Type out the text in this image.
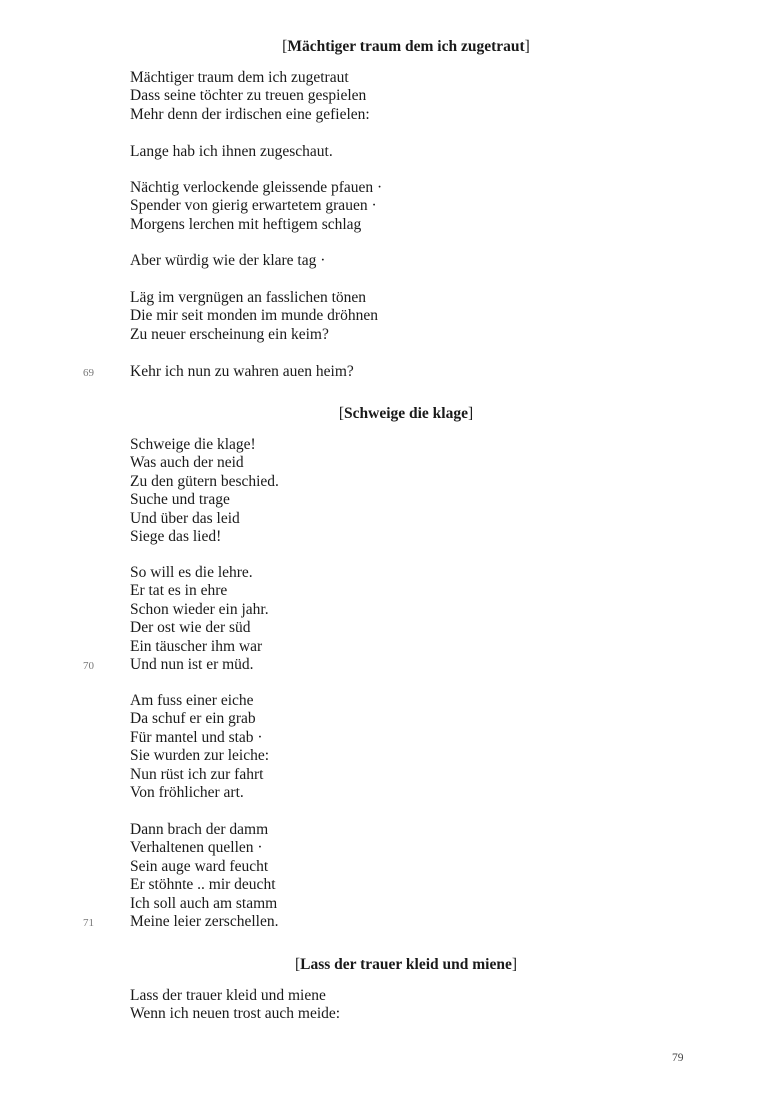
[Mächtiger traum dem ich zugetraut]

Mächtiger traum dem ich zugetraut
Dass seine töchter zu treuen gespielen
Mehr denn der irdischen eine gefielen:

Lange hab ich ihnen zugeschaut.

Nächtig verlockende gleissende pfauen ·
Spender von gierig erwartetem grauen ·
Morgens lerchen mit heftigem schlag

Aber würdig wie der klare tag ·

Läg im vergnügen an fasslichen tönen
Die mir seit monden im munde dröhnen
Zu neuer erscheinung ein keim?

Kehr ich nun zu wahren auen heim?

69
[Schweige die klage]

Schweige die klage!
Was auch der neid
Zu den gütern beschied.
Suche und trage
Und über das leid
Siege das lied!

So will es die lehre.
Er tat es in ehre
Schon wieder ein jahr.
Der ost wie der süd
Ein täuscher ihm war
Und nun ist er müd.

70

Am fuss einer eiche
Da schuf er ein grab
Für mantel und stab ·
Sie wurden zur leiche:
Nun rüst ich zur fahrt
Von fröhlicher art.

Dann brach der damm
Verhaltenen quellen ·
Sein auge ward feucht
Er stöhnte .. mir deucht
Ich soll auch am stamm
Meine leier zerschellen.

71
[Lass der trauer kleid und miene]

Lass der trauer kleid und miene
Wenn ich neuen trost auch meide:

79
